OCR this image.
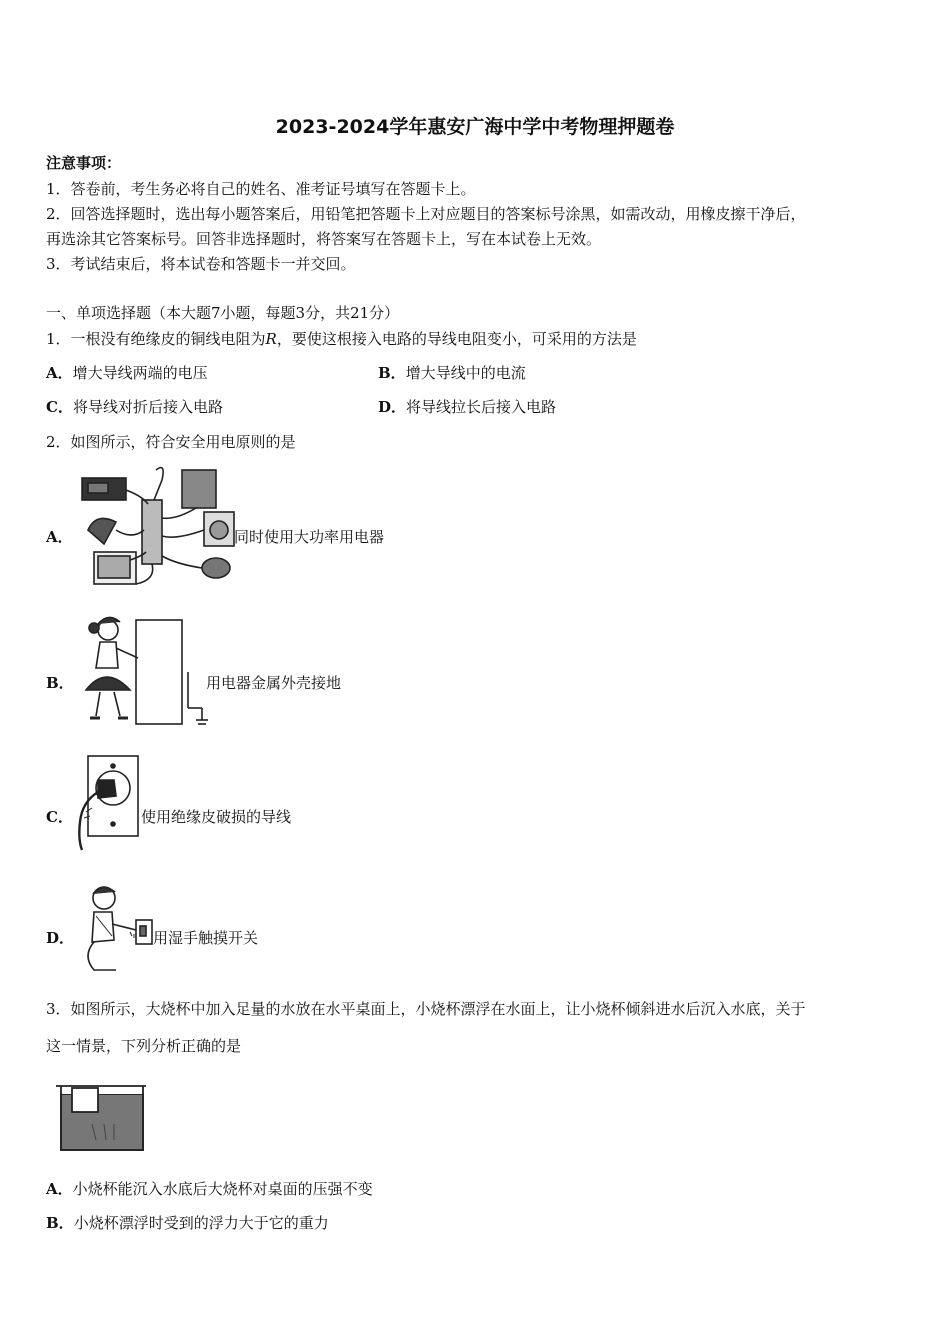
2023-2024学年惠安广海中学中考物理押题卷
注意事项：
1．答卷前，考生务必将自己的姓名、准考证号填写在答题卡上。
2．回答选择题时，选出每小题答案后，用铅笔把答题卡上对应题目的答案标号涂黑，如需改动，用橡皮擦干净后，
再选涂其它答案标号。回答非选择题时，将答案写在答题卡上，写在本试卷上无效。
3．考试结束后，将本试卷和答题卡一并交回。
一、单项选择题（本大题7小题，每题3分，共21分）
1．一根没有绝缘皮的铜线电阻为R，要使这根接入电路的导线电阻变小，可采用的方法是
A．增大导线两端的电压	B．增大导线中的电流
C．将导线对折后接入电路	D．将导线拉长后接入电路
2．如图所示，符合安全用电原则的是
A．	同时使用大功率用电器
B．	用电器金属外壳接地
C．	使用绝缘皮破损的导线
D．	用湿手触摸开关
3．如图所示，大烧杯中加入足量的水放在水平桌面上，小烧杯漂浮在水面上，让小烧杯倾斜进水后沉入水底，关于
这一情景，下列分析正确的是
A．小烧杯能沉入水底后大烧杯对桌面的压强不变
B．小烧杯漂浮时受到的浮力大于它的重力
